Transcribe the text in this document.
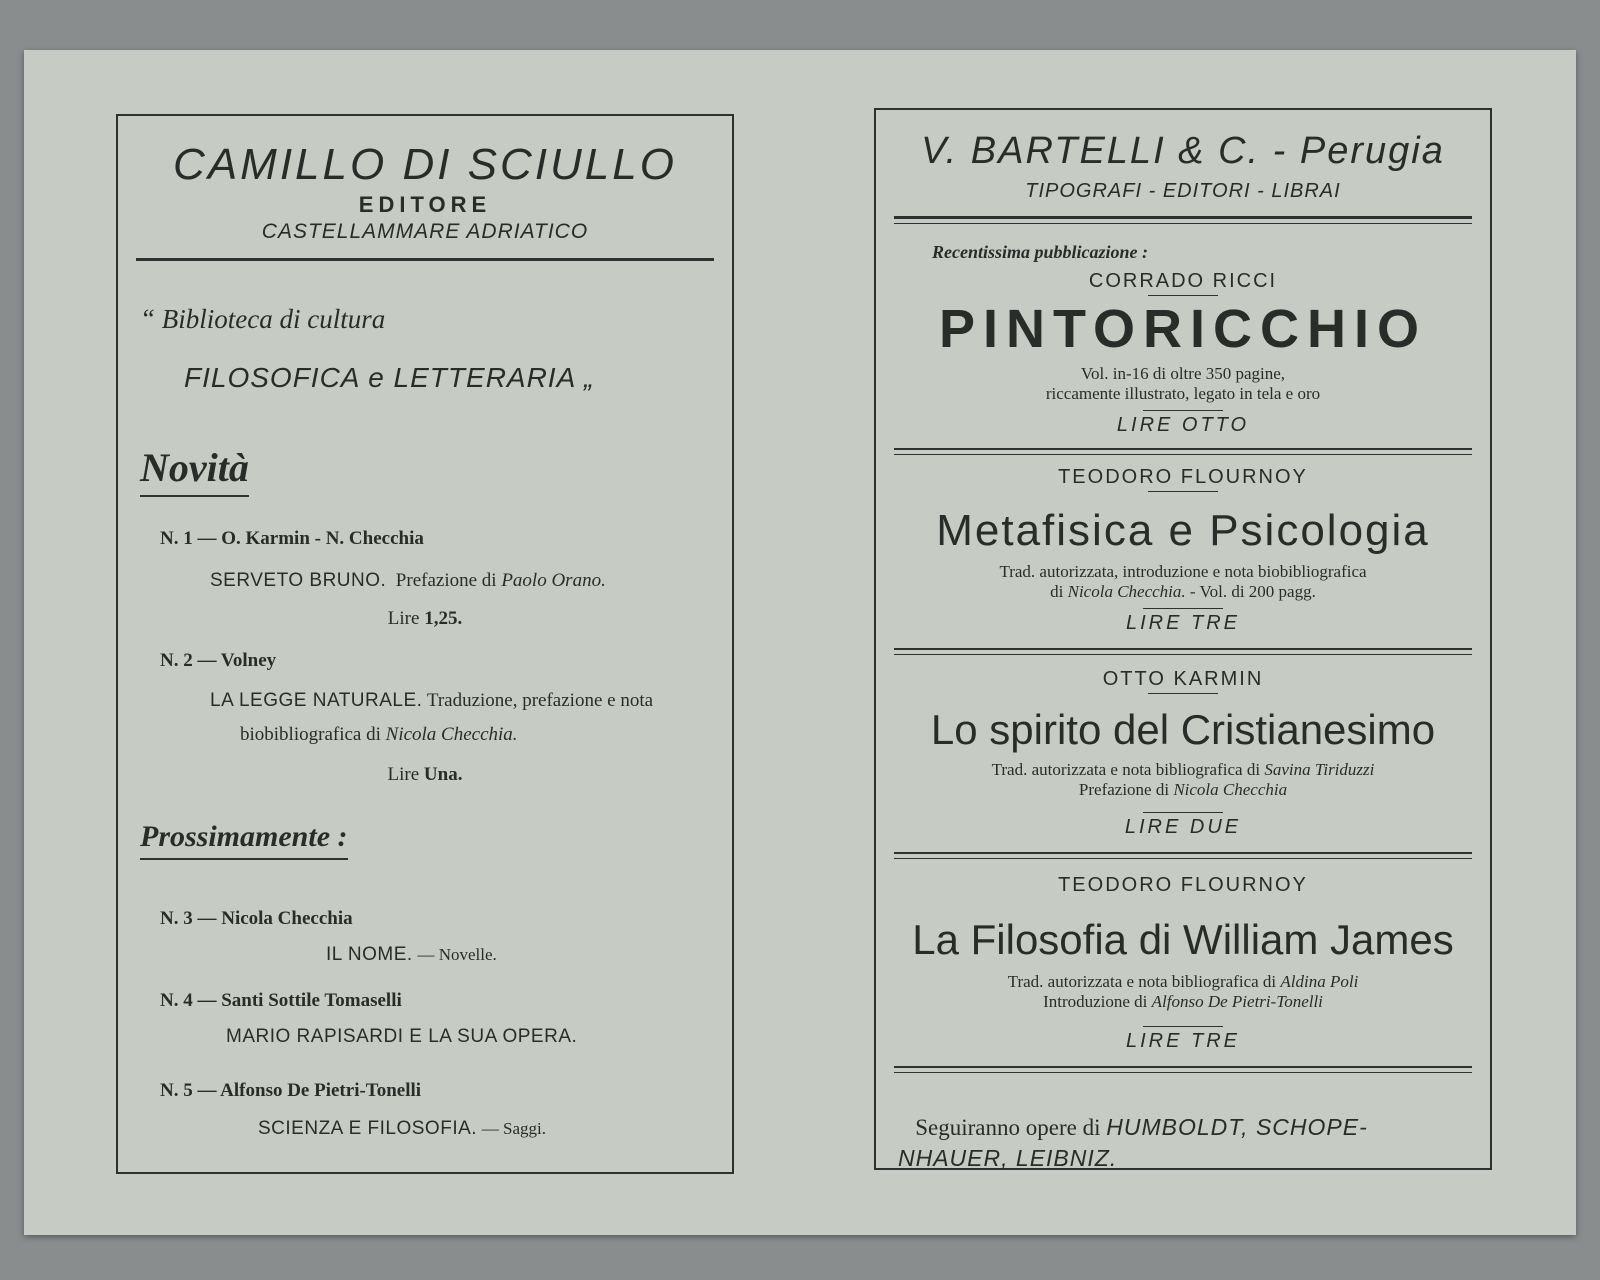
CAMILLO DI SCIULLO
EDITORE
CASTELLAMMARE ADRIATICO
“ Biblioteca di cultura
FILOSOFICA e LETTERARIA „
Novità
N. 1 — O. Karmin - N. Checchia
SERVETO BRUNO. Prefazione di Paolo Orano.
Lire 1,25.
N. 2 — Volney
LA LEGGE NATURALE. Traduzione, prefazione e nota
biobibliografica di Nicola Checchia.
Lire Una.
Prossimamente :
N. 3 — Nicola Checchia
IL NOME. — Novelle.
N. 4 — Santi Sottile Tomaselli
MARIO RAPISARDI E LA SUA OPERA.
N. 5 — Alfonso De Pietri-Tonelli
SCIENZA E FILOSOFIA. — Saggi.
V. BARTELLI & C. - Perugia
TIPOGRAFI - EDITORI - LIBRAI
Recentissima pubblicazione :
CORRADO RICCI
PINTORICCHIO
Vol. in-16 di oltre 350 pagine,
riccamente illustrato, legato in tela e oro
LIRE OTTO
TEODORO FLOURNOY
Metafisica e Psicologia
Trad. autorizzata, introduzione e nota biobibliografica
di Nicola Checchia. - Vol. di 200 pagg.
LIRE TRE
OTTO KARMIN
Lo spirito del Cristianesimo
Trad. autorizzata e nota bibliografica di Savina Tiriduzzi
Prefazione di Nicola Checchia
LIRE DUE
TEODORO FLOURNOY
La Filosofia di William James
Trad. autorizzata e nota bibliografica di Aldina Poli
Introduzione di Alfonso De Pietri-Tonelli
LIRE TRE
Seguiranno opere di HUMBOLDT, SCHOPE-
NHAUER, LEIBNIZ.
